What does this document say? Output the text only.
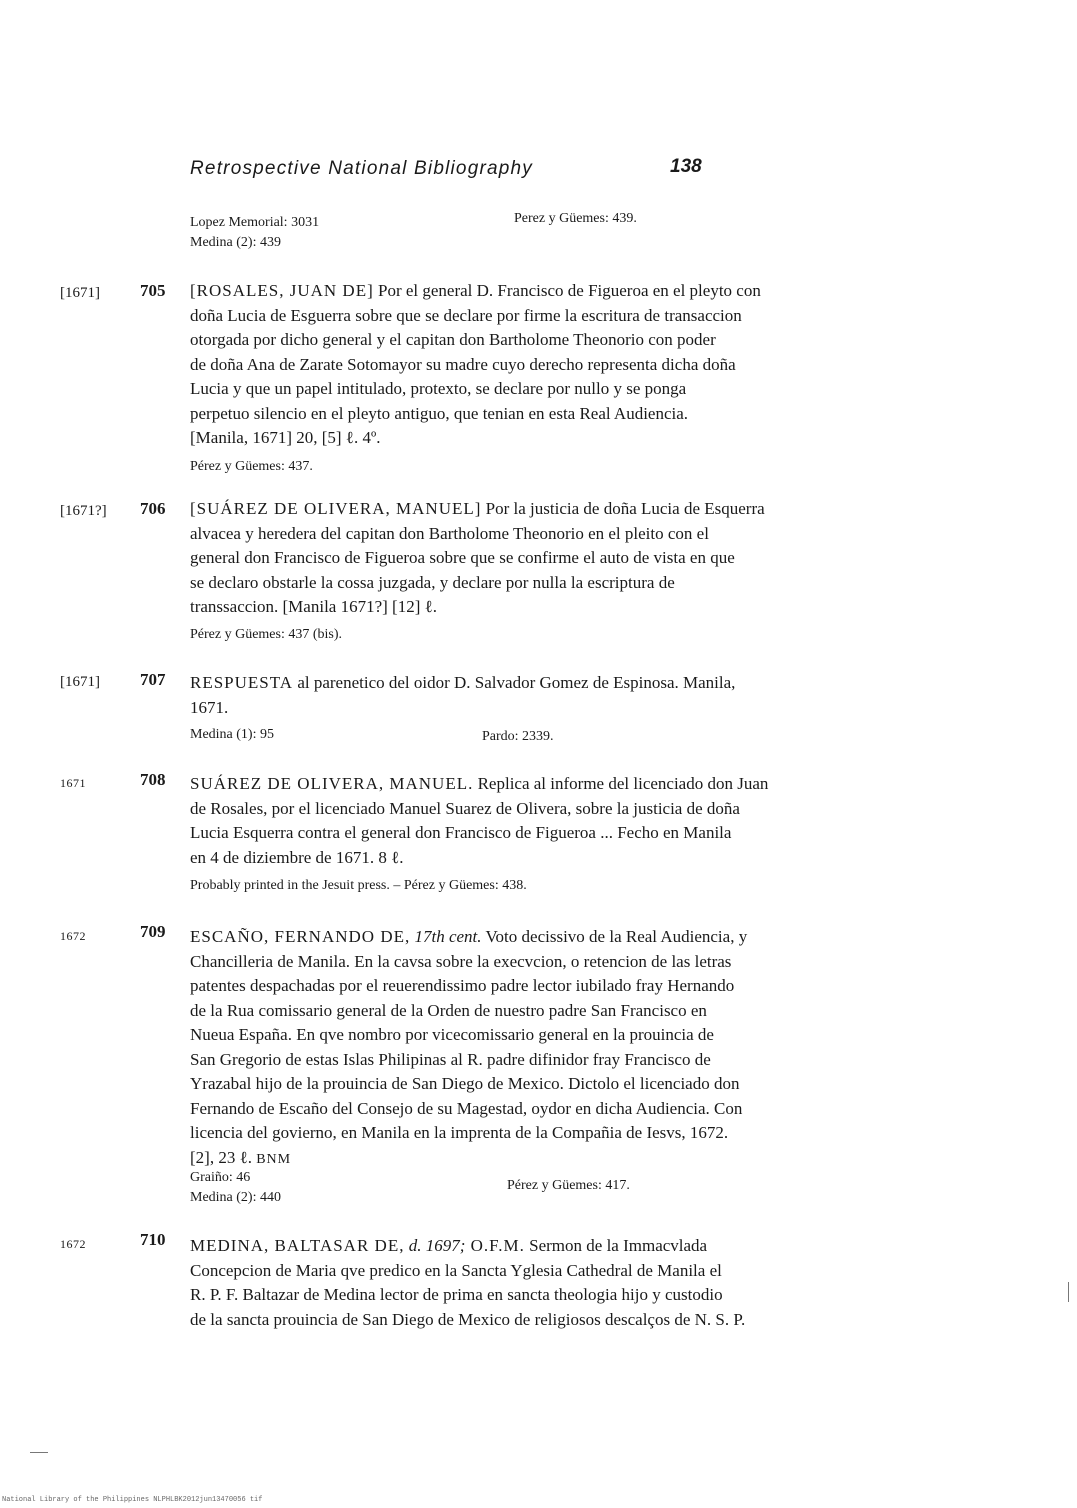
Retrospective National Bibliography	138
Lopez Memorial: 3031
Medina (2): 439
Perez y Güemes: 439.
[1671] 705 [ROSALES, JUAN DE] Por el general D. Francisco de Figueroa en el pleyto con
doña Lucia de Esguerra sobre que se declare por firme la escritura de transaccion
otorgada por dicho general y el capitan don Bartholome Theonorio con poder
de doña Ana de Zarate Sotomayor su madre cuyo derecho representa dicha doña
Lucia y que un papel intitulado, protexto, se declare por nullo y se ponga
perpetuo silencio en el pleyto antiguo, que tenian en esta Real Audiencia.
[Manila, 1671] 20, [5] ℓ. 4º.
Pérez y Güemes: 437.
[1671?] 706 [SUÁREZ DE OLIVERA, MANUEL] Por la justicia de doña Lucia de Esquerra
alvacea y heredera del capitan don Bartholome Theonorio en el pleito con el
general don Francisco de Figueroa sobre que se confirme el auto de vista en que
se declaro obstarle la cossa juzgada, y declare por nulla la escriptura de
transsaccion. [Manila 1671?] [12] ℓ.
Pérez y Güemes: 437 (bis).
[1671] 707 RESPUESTA al parenetico del oidor D. Salvador Gomez de Espinosa. Manila,
1671.
Medina (1): 95	Pardo: 2339.
1671	708 SUÁREZ DE OLIVERA, MANUEL. Replica al informe del licenciado don Juan
de Rosales, por el licenciado Manuel Suarez de Olivera, sobre la justicia de doña
Lucia Esquerra contra el general don Francisco de Figueroa ... Fecho en Manila
en 4 de diziembre de 1671. 8 ℓ.
Probably printed in the Jesuit press. – Pérez y Güemes: 438.
1672	709 ESCAÑO, FERNANDO DE, 17th cent. Voto decissivo de la Real Audiencia, y
Chancilleria de Manila. En la cavsa sobre la execvcion, o retencion de las letras
patentes despachadas por el reuerendissimo padre lector iubilado fray Hernando
de la Rua comissario general de la Orden de nuestro padre San Francisco en
Nueua España. En qve nombro por vicecomissario general en la prouincia de
San Gregorio de estas Islas Philipinas al R. padre difinidor fray Francisco de
Yrazabal hijo de la prouincia de San Diego de Mexico. Dictolo el licenciado don
Fernando de Escaño del Consejo de su Magestad, oydor en dicha Audiencia. Con
licencia del govierno, en Manila en la imprenta de la Compañia de Iesvs, 1672.
[2], 23 ℓ. BNM
Graiño: 46
Medina (2): 440
Pérez y Güemes: 417.
1672	710 MEDINA, BALTASAR DE, d. 1697; O.F.M. Sermon de la Immacvlada
Concepcion de Maria qve predico en la Sancta Yglesia Cathedral de Manila el
R. P. F. Baltazar de Medina lector de prima en sancta theologia hijo y custodio
de la sancta prouincia de San Diego de Mexico de religiosos descalços de N. S. P.
National Library of the Philippines NLPHLBK2012jun13470056 tif
